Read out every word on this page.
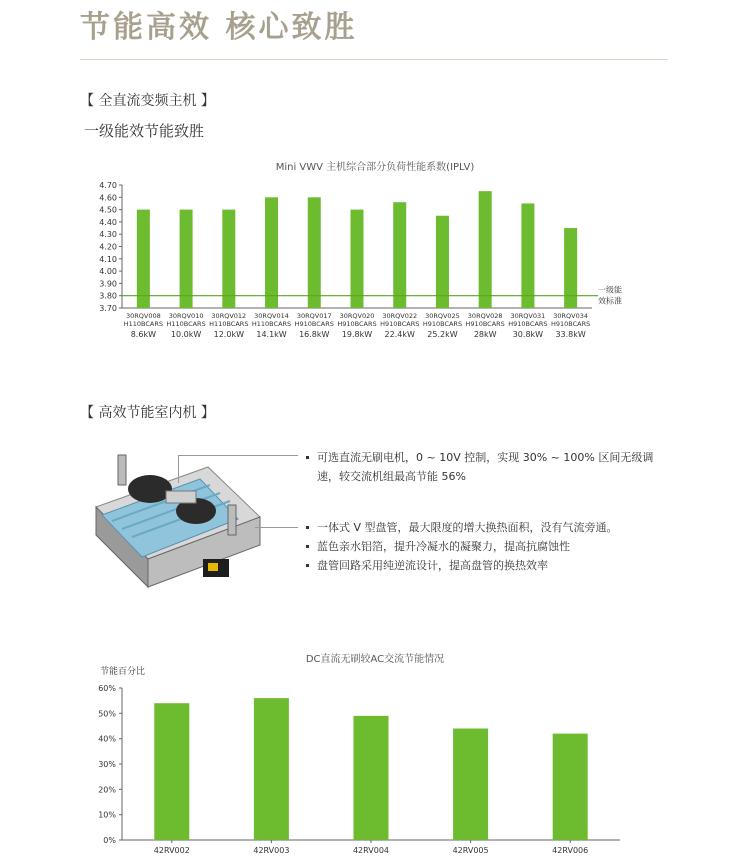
节能高效 核心致胜
【 全直流变频主机 】
一级能效节能致胜
Mini VWV 主机综合部分负荷性能系数(IPLV)
3.70
3.80
3.90
4.00
4.10
4.20
4.30
4.40
4.50
4.60
4.70
30RQV008
H110BCARS
8.6kW
30RQV010
H110BCARS
10.0kW
30RQV012
H110BCARS
12.0kW
30RQV014
H110BCARS
14.1kW
30RQV017
H910BCARS
16.8kW
30RQV020
H910BCARS
19.8kW
30RQV022
H910BCARS
22.4kW
30RQV025
H910BCARS
25.2kW
30RQV028
H910BCARS
28kW
30RQV031
H910BCARS
30.8kW
30RQV034
H910BCARS
33.8kW
一级能
效标准
【 高效节能室内机 】
可选直流无刷电机，0 ~ 10V 控制，实现 30% ~ 100% 区间无级调速，较交流机组最高节能 56%
一体式 V 型盘管，最大限度的增大换热面积，没有气流旁通。
蓝色亲水铝箔，提升冷凝水的凝聚力，提高抗腐蚀性
盘管回路采用纯逆流设计，提高盘管的换热效率
DC直流无刷较AC交流节能情况
节能百分比
0%
10%
20%
30%
40%
50%
60%
42RV002	42RV003	42RV004	42RV005	42RV006
